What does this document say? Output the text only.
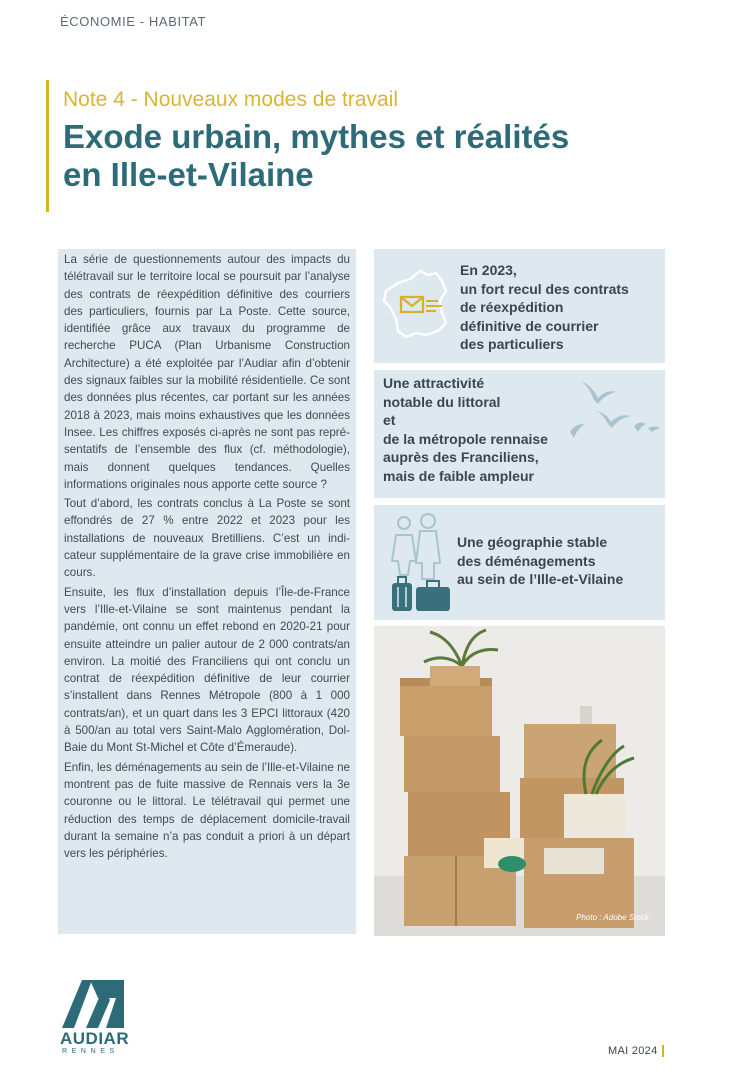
ÉCONOMIE - HABITAT
Note 4 - Nouveaux modes de travail
Exode urbain, mythes et réalités
en Ille-et-Vilaine

La série de questionnements autour des impacts du télétravail sur le territoire local se poursuit par l’analyse des contrats de réexpédition définitive des courriers des particuliers, fournis par La Poste. Cette source, identifiée grâce aux travaux du programme de recherche PUCA (Plan Urbanisme Construction Architecture) a été exploitée par l’Audiar afin d’obtenir des signaux faibles sur la mobilité résidentielle. Ce sont des données plus récentes, car portant sur les années 2018 à 2023, mais moins exhaustives que les données Insee. Les chiffres exposés ci-après ne sont pas représentatifs de l’ensemble des flux (cf. méthodologie), mais donnent quelques tendances. Quelles informations originales nous apporte cette source ?

Tout d’abord, les contrats conclus à La Poste se sont effondrés de 27 % entre 2022 et 2023 pour les installations de nouveaux Bretilliens. C’est un indicateur supplémentaire de la grave crise immobilière en cours.

Ensuite, les flux d’installation depuis l’Île-de-France vers l’Ille-et-Vilaine se sont maintenus pendant la pandémie, ont connu un effet rebond en 2020-21 pour ensuite atteindre un palier autour de 2 000 contrats/an environ. La moitié des Franciliens qui ont conclu un contrat de réexpédition définitive de leur courrier s’installent dans Rennes Métropole (800 à 1 000 contrats/an), et un quart dans les 3 EPCI littoraux (420 à 500/an au total vers Saint-Malo Agglomération, Dol-Baie du Mont St-Michel et Côte d’Émeraude).

Enfin, les déménagements au sein de l’Ille-et-Vilaine ne montrent pas de fuite massive de Rennais vers la 3e couronne ou le littoral. Le télétravail qui permet une réduction des temps de déplacement domicile-travail durant la semaine n’a pas conduit a priori à un départ vers les périphéries.

En 2023,
un fort recul des contrats
de réexpédition
définitive de courrier
des particuliers
Une attractivité
notable du littoral
et
de la métropole rennaise
auprès des Franciliens,
mais de faible ampleur
Une géographie stable
des déménagements
au sein de l’Ille-et-Vilaine
Photo : Adobe Stock.
AUDIAR
RENNES	MAI 2024
